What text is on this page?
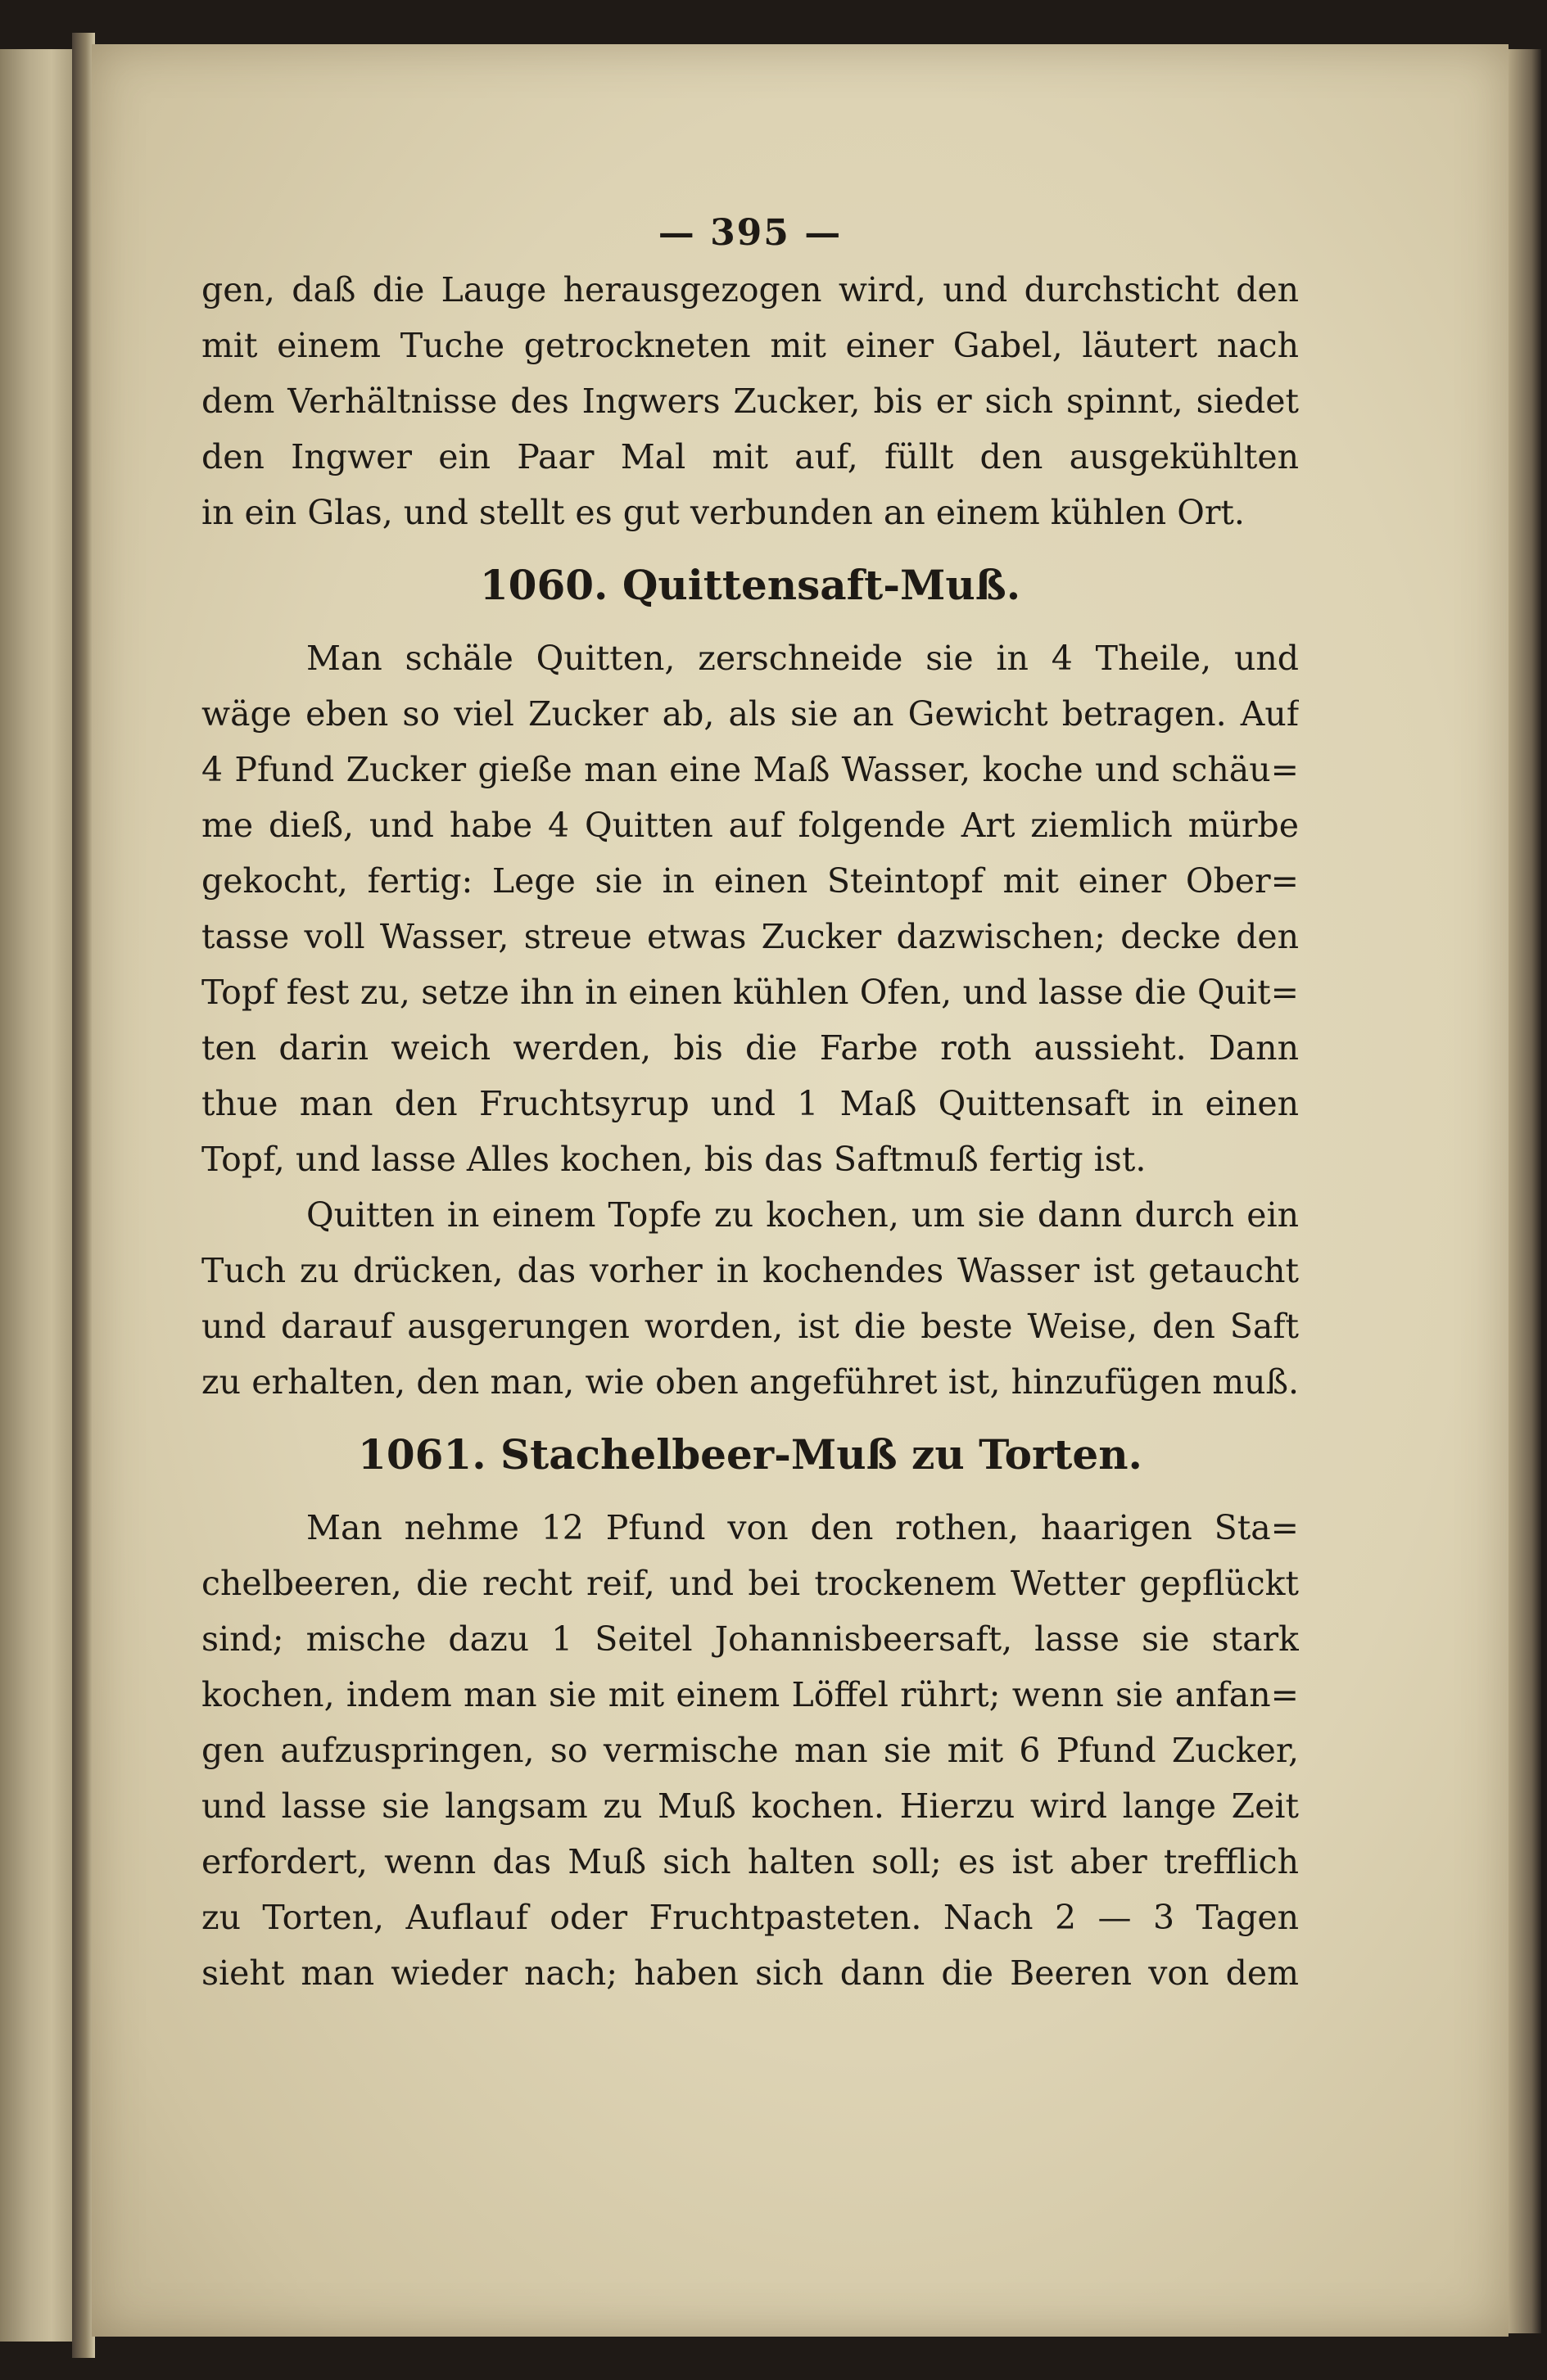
— 395 —
gen, daß die Lauge herausgezogen wird, und durchsticht den
mit einem Tuche getrockneten mit einer Gabel, läutert nach
dem Verhältnisse des Ingwers Zucker, bis er sich spinnt, siedet
den Ingwer ein Paar Mal mit auf, füllt den ausgekühlten
in ein Glas, und stellt es gut verbunden an einem kühlen Ort.
1060. Quittensaft-Muß.
Man schäle Quitten, zerschneide sie in 4 Theile, und
wäge eben so viel Zucker ab, als sie an Gewicht betragen. Auf
4 Pfund Zucker gieße man eine Maß Wasser, koche und schäu=
me dieß, und habe 4 Quitten auf folgende Art ziemlich mürbe
gekocht, fertig: Lege sie in einen Steintopf mit einer Ober=
tasse voll Wasser, streue etwas Zucker dazwischen; decke den
Topf fest zu, setze ihn in einen kühlen Ofen, und lasse die Quit=
ten darin weich werden, bis die Farbe roth aussieht. Dann
thue man den Fruchtsyrup und 1 Maß Quittensaft in einen
Topf, und lasse Alles kochen, bis das Saftmuß fertig ist.
Quitten in einem Topfe zu kochen, um sie dann durch ein
Tuch zu drücken, das vorher in kochendes Wasser ist getaucht
und darauf ausgerungen worden, ist die beste Weise, den Saft
zu erhalten, den man, wie oben angeführet ist, hinzufügen muß.
1061. Stachelbeer-Muß zu Torten.
Man nehme 12 Pfund von den rothen, haarigen Sta=
chelbeeren, die recht reif, und bei trockenem Wetter gepflückt
sind; mische dazu 1 Seitel Johannisbeersaft, lasse sie stark
kochen, indem man sie mit einem Löffel rührt; wenn sie anfan=
gen aufzuspringen, so vermische man sie mit 6 Pfund Zucker,
und lasse sie langsam zu Muß kochen. Hierzu wird lange Zeit
erfordert, wenn das Muß sich halten soll; es ist aber trefflich
zu Torten, Auflauf oder Fruchtpasteten. Nach 2 — 3 Tagen
sieht man wieder nach; haben sich dann die Beeren von dem
